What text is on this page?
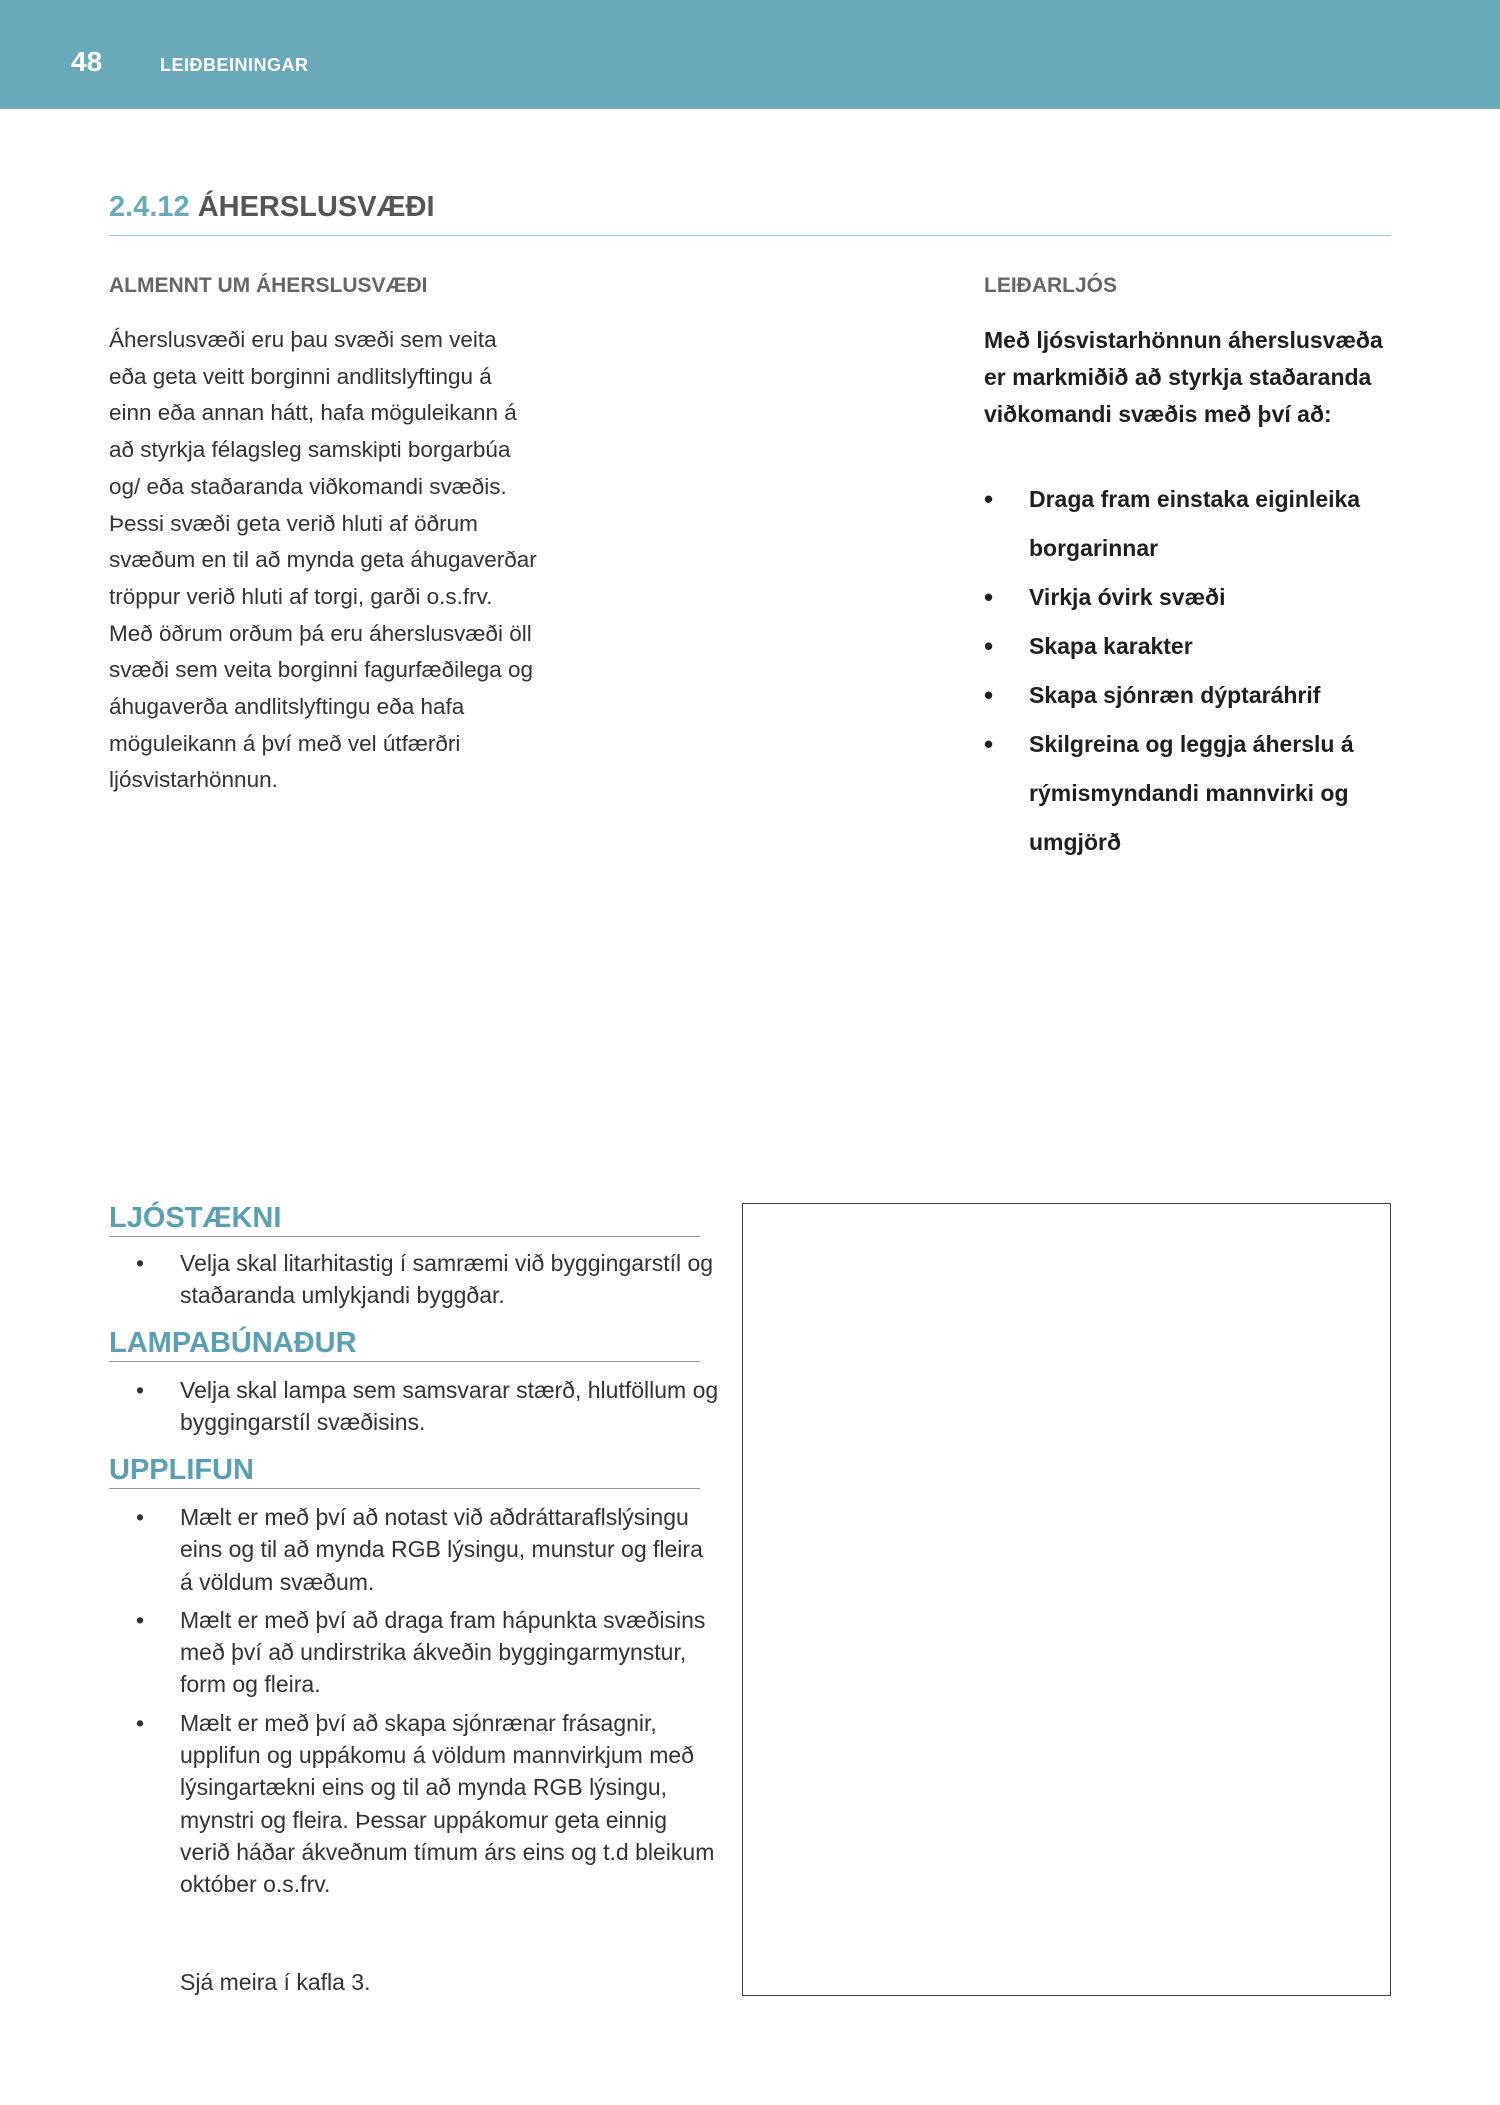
48	LEIÐBEININGAR
2.4.12 ÁHERSLUSVÆÐI
ALMENNT UM ÁHERSLUSVÆÐI

Áherslusvæði eru þau svæði sem veita eða geta veitt borginni andlitslyftingu á einn eða annan hátt, hafa möguleikann á að styrkja félagsleg samskipti borgarbúa og/ eða staðaranda viðkomandi svæðis. Þessi svæði geta verið hluti af öðrum svæðum en til að mynda geta áhugaverðar tröppur verið hluti af torgi, garði o.s.frv. Með öðrum orðum þá eru áherslusvæði öll svæði sem veita borginni fagurfæðilega og áhugaverða andlitslyftingu eða hafa möguleikann á því með vel útfærðri ljósvistarhönnun.

LEIÐARLJÓS

Með ljósvistarhönnun áherslusvæða er markmiðið að styrkja staðaranda viðkomandi svæðis með því að:

• Draga fram einstaka eiginleika borgarinnar
• Virkja óvirk svæði
• Skapa karakter
• Skapa sjónræn dýptaráhrif
• Skilgreina og leggja áherslu á rýmismyndandi mannvirki og umgjörð
LJÓSTÆKNI
• Velja skal litarhitastig í samræmi við byggingarstíl og staðaranda umlykjandi byggðar.
LAMPABÚNAÐUR
• Velja skal lampa sem samsvarar stærð, hlutföllum og byggingarstíl svæðisins.
UPPLIFUN
• Mælt er með því að notast við aðdráttaraflslýsingu eins og til að mynda RGB lýsingu, munstur og fleira á völdum svæðum.
• Mælt er með því að draga fram hápunkta svæðisins með því að undirstrika ákveðin byggingarmynstur, form og fleira.
• Mælt er með því að skapa sjónrænar frásagnir, upplifun og uppákomu á völdum mannvirkjum með lýsingartækni eins og til að mynda RGB lýsingu, mynstri og fleira. Þessar uppákomur geta einnig verið háðar ákveðnum tímum árs eins og t.d bleikum október o.s.frv.

Sjá meira í kafla 3.
